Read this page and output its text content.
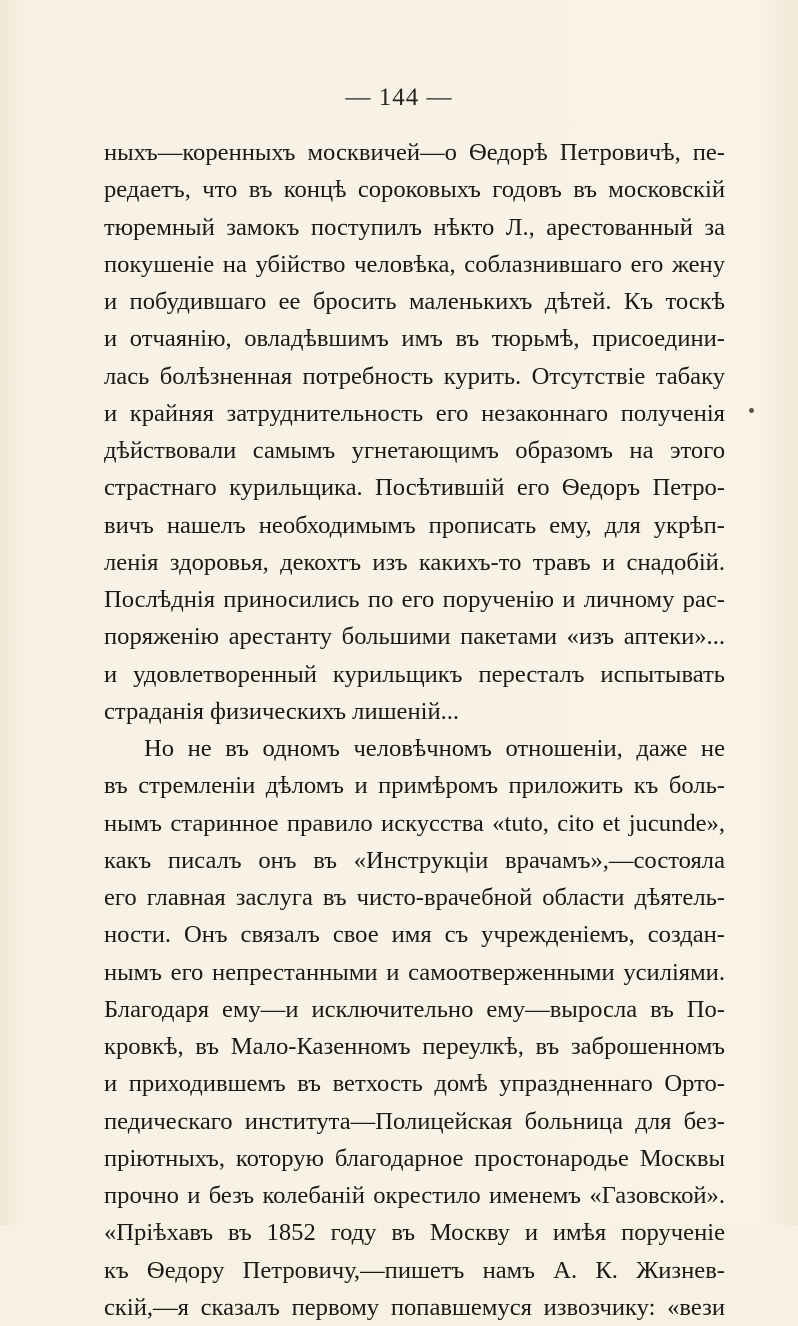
— 144 —
ныхъ—коренныхъ москвичей—о Ѳедорѣ Петровичѣ, пе-
редаетъ, что въ концѣ сороковыхъ годовъ въ московскій
тюремный замокъ поступилъ нѣкто Л., арестованный за
покушеніе на убійство человѣка, соблазнившаго его жену
и побудившаго ее бросить маленькихъ дѣтей. Къ тоскѣ
и отчаянію, овладѣвшимъ имъ въ тюрьмѣ, присоедини-
лась болѣзненная потребность курить. Отсутствіе табаку
и крайняя затруднительность его незаконнаго полученія
дѣйствовали самымъ угнетающимъ образомъ на этого
страстнаго курильщика. Посѣтившій его Ѳедоръ Петро-
вичъ нашелъ необходимымъ прописать ему, для укрѣп-
ленія здоровья, декохтъ изъ какихъ-то травъ и снадобій.
Послѣднія приносились по его порученію и личному рас-
поряженію арестанту большими пакетами «изъ аптеки»...
и удовлетворенный курильщикъ пересталъ испытывать
страданія физическихъ лишеній...
Но не въ одномъ человѣчномъ отношеніи, даже не
въ стремленіи дѣломъ и примѣромъ приложить къ боль-
нымъ старинное правило искусства «tuto, cito et jucunde»,
какъ писалъ онъ въ «Инструкціи врачамъ»,—состояла
его главная заслуга въ чисто-врачебной области дѣятель-
ности. Онъ связалъ свое имя съ учрежденіемъ, создан-
нымъ его непрестанными и самоотверженными усиліями.
Благодаря ему—и исключительно ему—выросла въ По-
кровкѣ, въ Мало-Казенномъ переулкѣ, въ заброшенномъ
и приходившемъ въ ветхость домѣ упраздненнаго Орто-
педическаго института—Полицейская больница для без-
пріютныхъ, которую благодарное простонародье Москвы
прочно и безъ колебаній окрестило именемъ «Газовской».
«Пріѣхавъ въ 1852 году въ Москву и имѣя порученіе
къ Ѳедору Петровичу,—пишетъ намъ А. К. Жизнев-
скій,—я сказалъ первому попавшемуся извозчику: «вези
